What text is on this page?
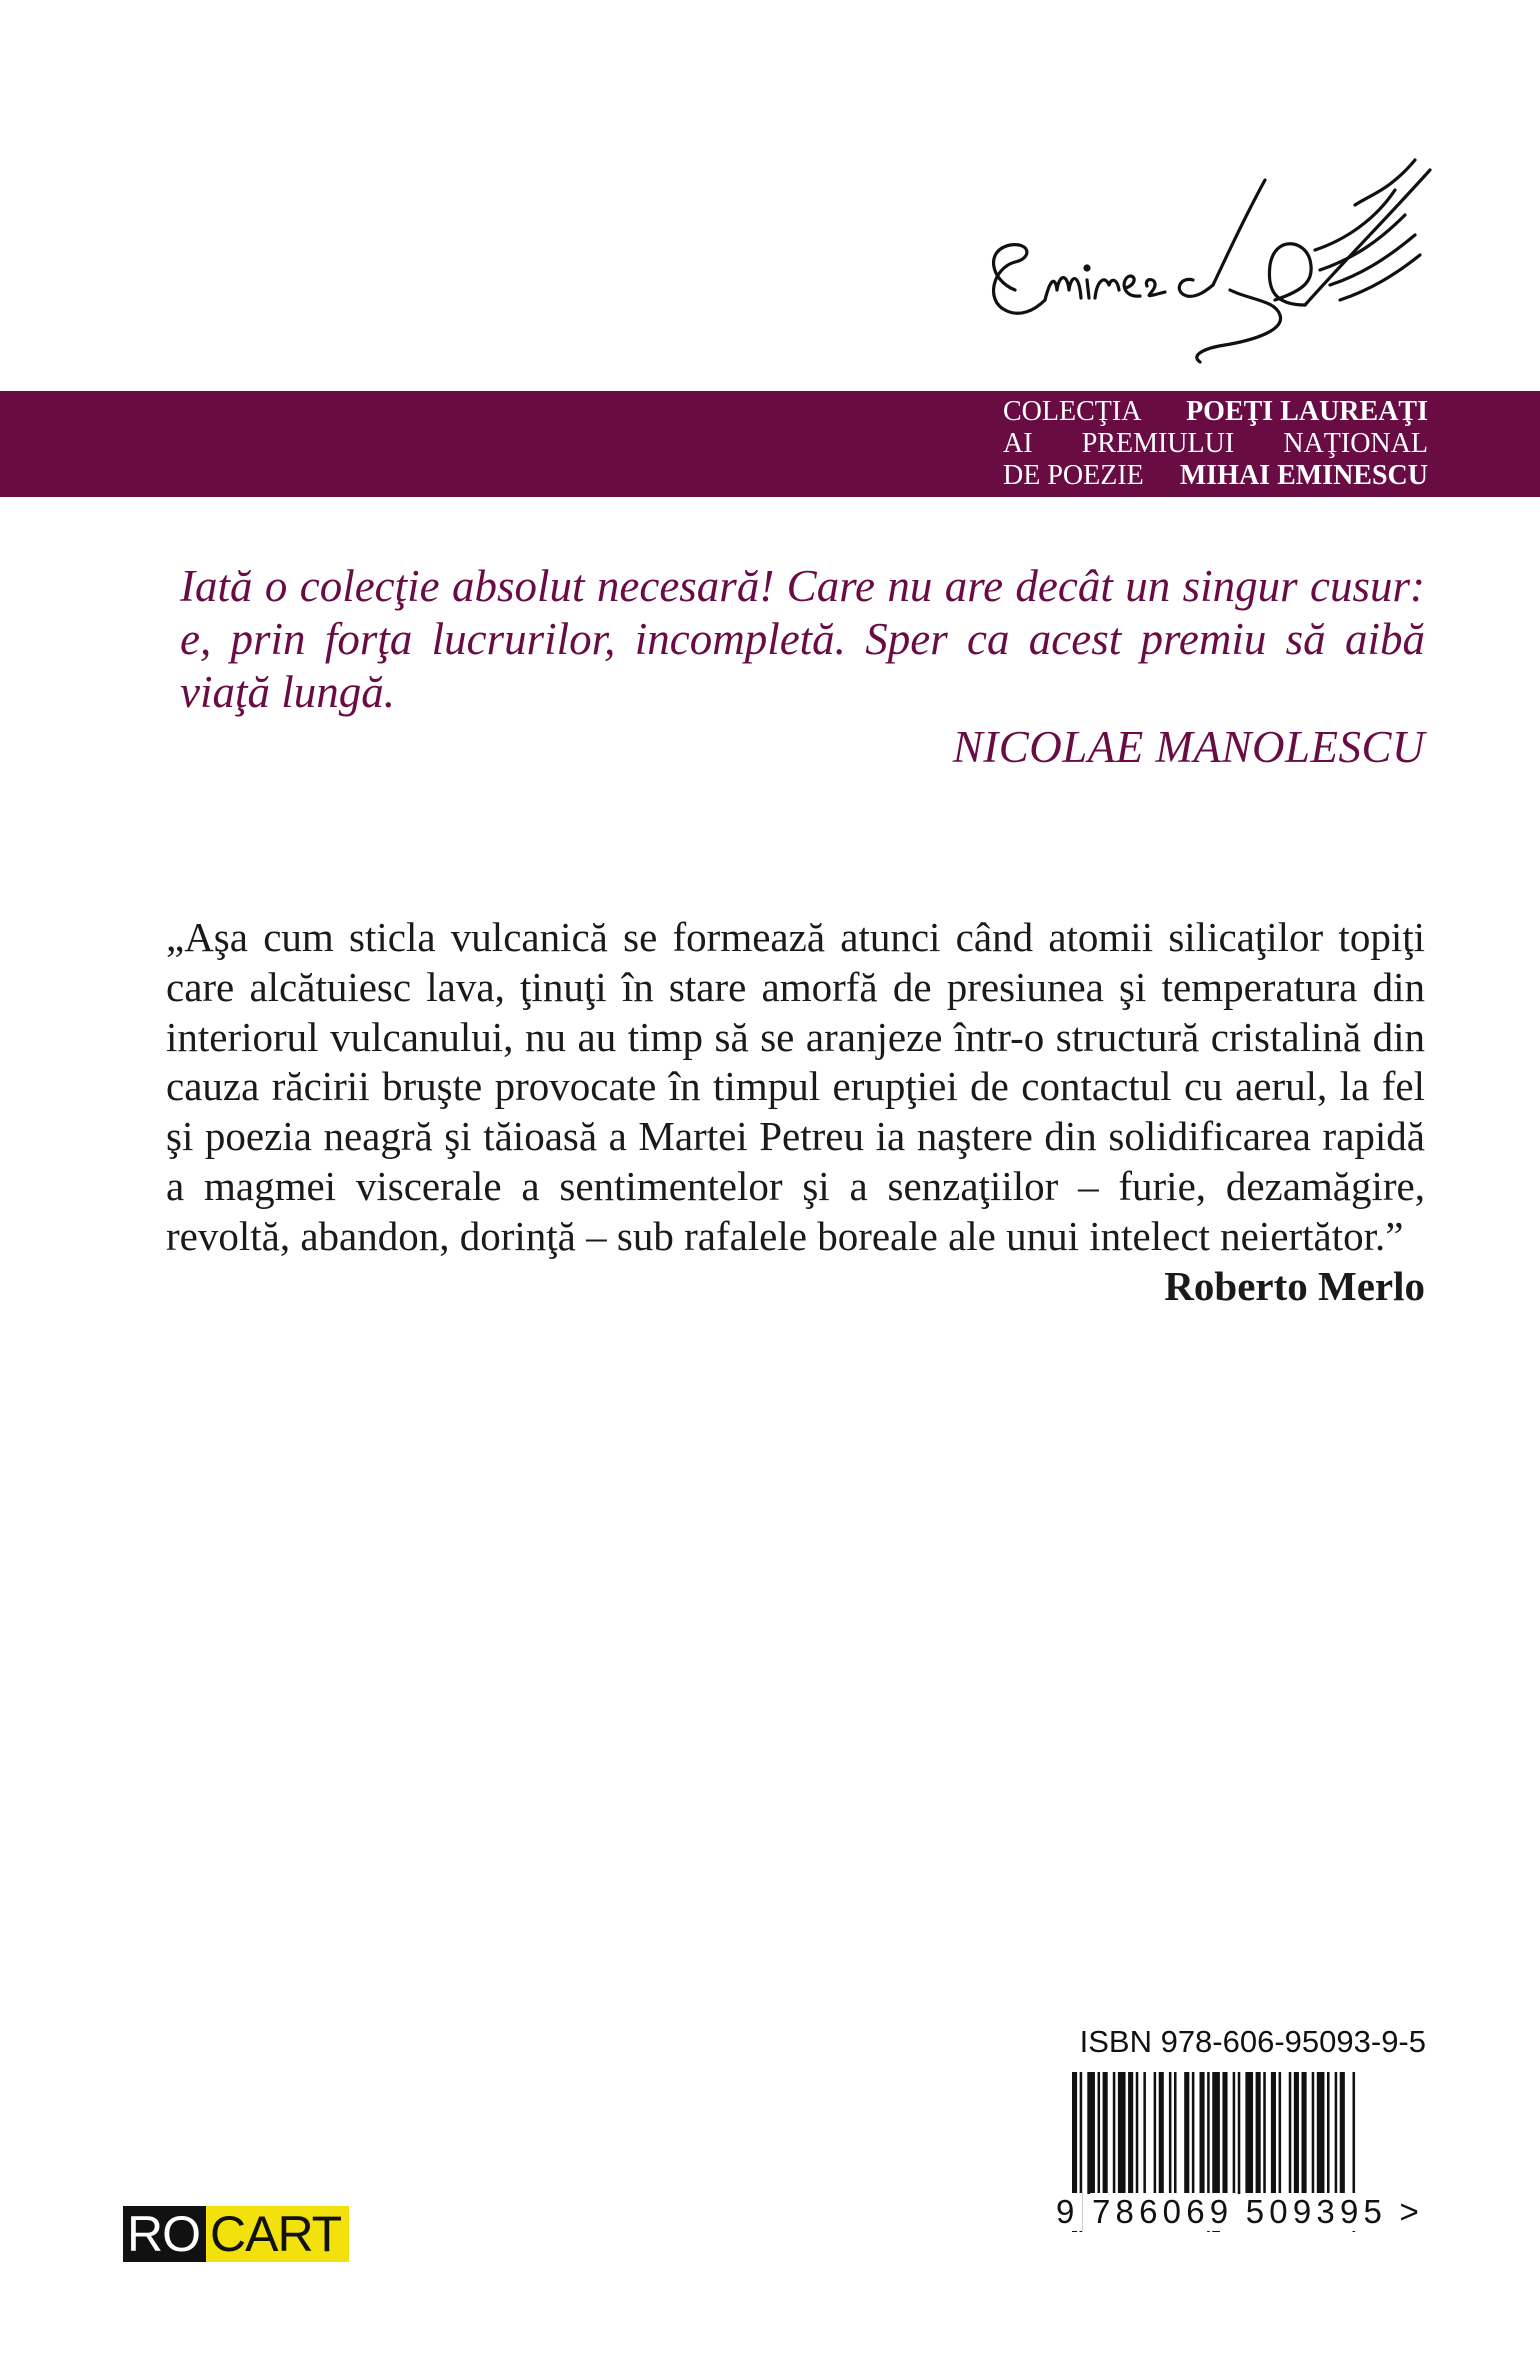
COLECŢIA POEŢI LAUREAŢI
AI PREMIULUI NAŢIONAL
DE POEZIE MIHAI EMINESCU

Iată o colecţie absolut necesară! Care nu are decât un singur cusur: e, prin forţa lucrurilor, incompletă. Sper ca acest premiu să aibă viaţă lungă.

NICOLAE MANOLESCU

„Aşa cum sticla vulcanică se formează atunci când atomii silicaţilor topiţi care alcătuiesc lava, ţinuţi în stare amorfă de presiunea şi temperatura din interiorul vulcanului, nu au timp să se aranjeze într-o structură cristalină din cauza răcirii bruşte provocate în timpul erupţiei de contactul cu aerul, la fel şi poezia neagră şi tăioasă a Martei Petreu ia naştere din solidificarea rapidă a magmei viscerale a sentimentelor şi a senzaţiilor – furie, dezamăgire, revoltă, abandon, dorinţă – sub rafalele boreale ale unui intelect neiertător.”

Roberto Merlo
ISBN 978-606-95093-9-5
9 786069 509395 >
RO CART
